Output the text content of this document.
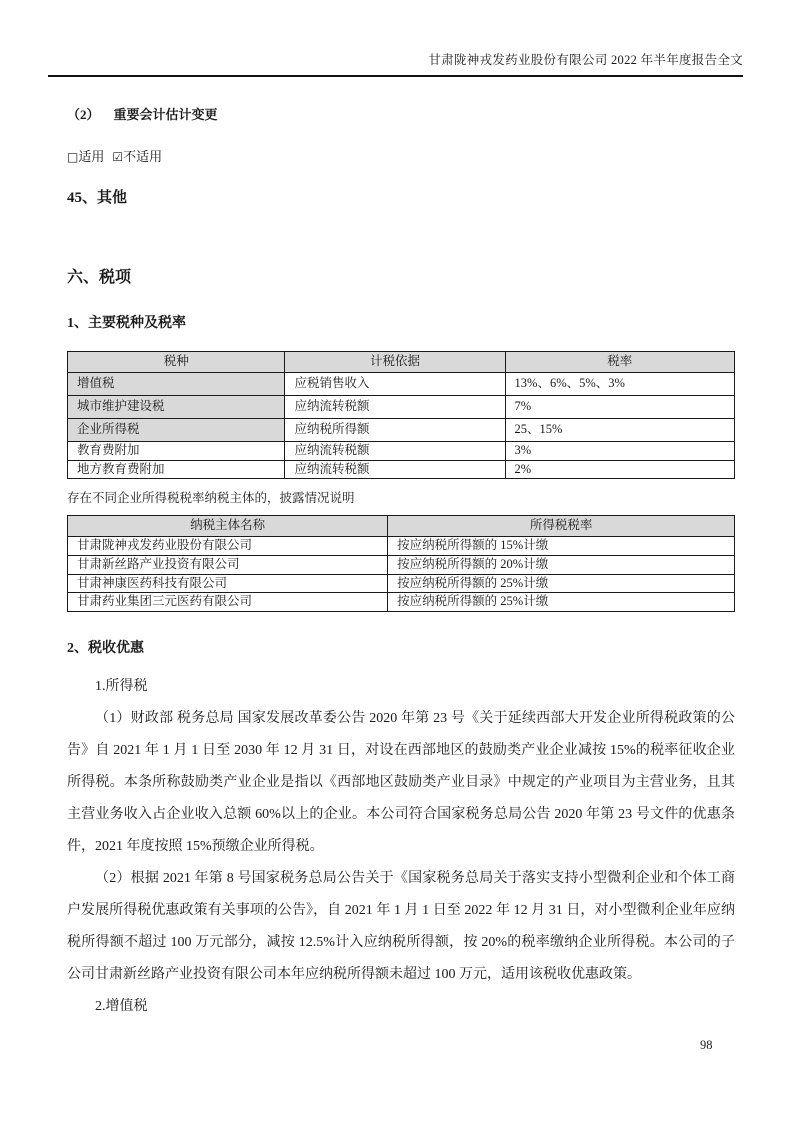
甘肃陇神戎发药业股份有限公司 2022 年半年度报告全文
（2） 重要会计估计变更
□适用 ☑不适用
45、其他
六、税项
1、主要税种及税率
税种	计税依据	税率
增值税	应税销售收入	13%、6%、5%、3%
城市维护建设税	应纳流转税额	7%
企业所得税	应纳税所得额	25、15%
教育费附加	应纳流转税额	3%
地方教育费附加	应纳流转税额	2%
存在不同企业所得税税率纳税主体的，披露情况说明
纳税主体名称	所得税税率
甘肃陇神戎发药业股份有限公司	按应纳税所得额的 15%计缴
甘肃新丝路产业投资有限公司	按应纳税所得额的 20%计缴
甘肃神康医药科技有限公司	按应纳税所得额的 25%计缴
甘肃药业集团三元医药有限公司	按应纳税所得额的 25%计缴
2、税收优惠
1.所得税
（1）财政部 税务总局 国家发展改革委公告 2020 年第 23 号《关于延续西部大开发企业所得税政策的公告》自 2021 年 1 月 1 日至 2030 年 12 月 31 日，对设在西部地区的鼓励类产业企业减按 15%的税率征收企业所得税。本条所称鼓励类产业企业是指以《西部地区鼓励类产业目录》中规定的产业项目为主营业务，且其主营业务收入占企业收入总额 60%以上的企业。本公司符合国家税务总局公告 2020 年第 23 号文件的优惠条件，2021 年度按照 15%预缴企业所得税。
（2）根据 2021 年第 8 号国家税务总局公告关于《国家税务总局关于落实支持小型微利企业和个体工商户发展所得税优惠政策有关事项的公告》，自 2021 年 1 月 1 日至 2022 年 12 月 31 日，对小型微利企业年应纳税所得额不超过 100 万元部分，减按 12.5%计入应纳税所得额，按 20%的税率缴纳企业所得税。本公司的子公司甘肃新丝路产业投资有限公司本年应纳税所得额未超过 100 万元，适用该税收优惠政策。
2.增值税
98
